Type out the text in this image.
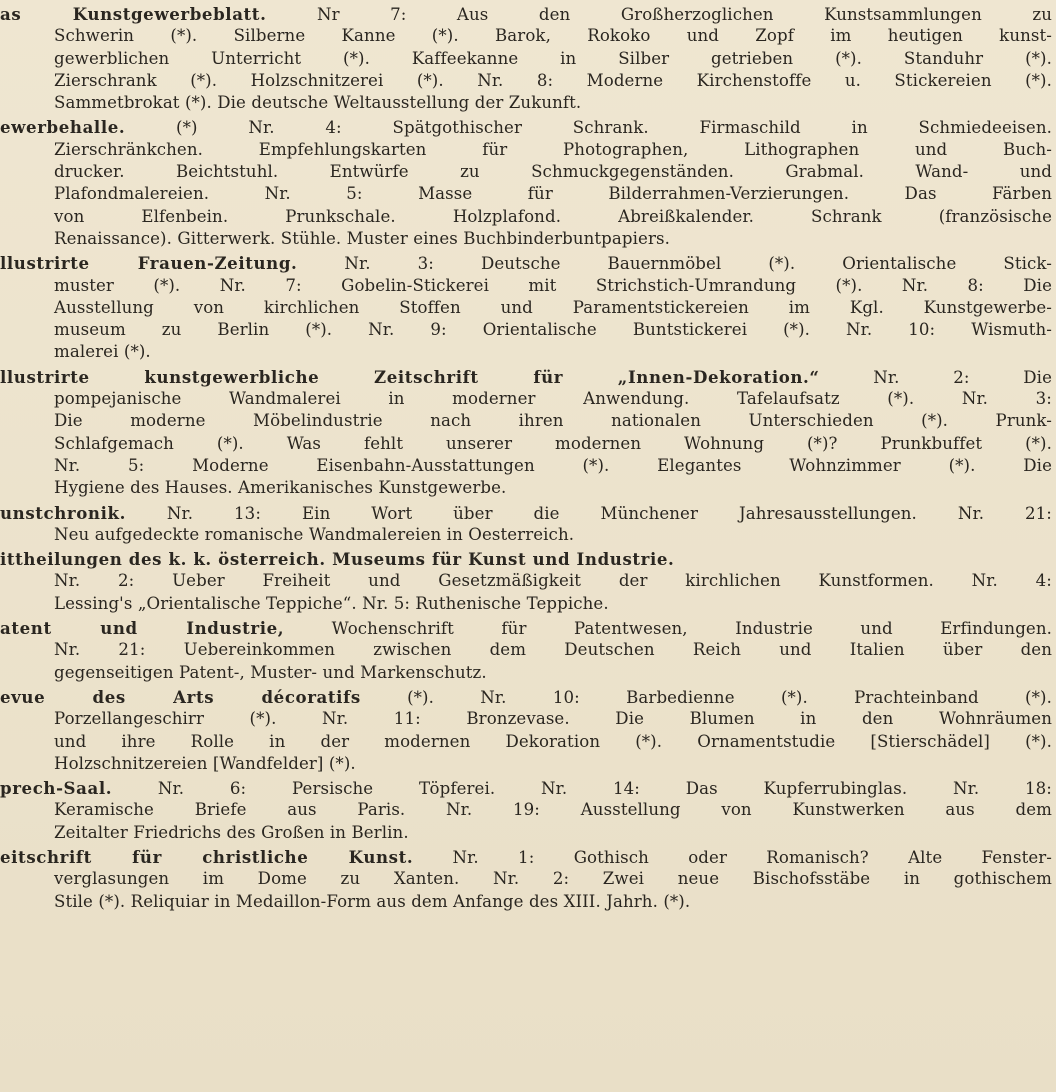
as Kunstgewerbeblatt. Nr 7: Aus den Großherzoglichen Kunstsammlungen zu
Schwerin (*). Silberne Kanne (*). Barok, Rokoko und Zopf im heutigen kunst-
gewerblichen Unterricht (*). Kaffeekanne in Silber getrieben (*). Standuhr (*).
Zierschrank (*). Holzschnitzerei (*). Nr. 8: Moderne Kirchenstoffe u. Stickereien (*).
Sammetbrokat (*). Die deutsche Weltausstellung der Zukunft.
ewerbehalle. (*) Nr. 4: Spätgothischer Schrank. Firmaschild in Schmiedeeisen.
Zierschränkchen. Empfehlungskarten für Photographen, Lithographen und Buch-
drucker. Beichtstuhl. Entwürfe zu Schmuckgegenständen. Grabmal. Wand- und
Plafondmalereien. Nr. 5: Masse für Bilderrahmen-Verzierungen. Das Färben
von Elfenbein. Prunkschale. Holzplafond. Abreißkalender. Schrank (französische
Renaissance). Gitterwerk. Stühle. Muster eines Buchbinderbuntpapiers.
llustrirte Frauen-Zeitung. Nr. 3: Deutsche Bauernmöbel (*). Orientalische Stick-
muster (*). Nr. 7: Gobelin-Stickerei mit Strichstich-Umrandung (*). Nr. 8: Die
Ausstellung von kirchlichen Stoffen und Paramentstickereien im Kgl. Kunstgewerbe-
museum zu Berlin (*). Nr. 9: Orientalische Buntstickerei (*). Nr. 10: Wismuth-
malerei (*).
llustrirte kunstgewerbliche Zeitschrift für „Innen-Dekoration.“ Nr. 2: Die
pompejanische Wandmalerei in moderner Anwendung. Tafelaufsatz (*). Nr. 3:
Die moderne Möbelindustrie nach ihren nationalen Unterschieden (*). Prunk-
Schlafgemach (*). Was fehlt unserer modernen Wohnung (*)? Prunkbuffet (*).
Nr. 5: Moderne Eisenbahn-Ausstattungen (*). Elegantes Wohnzimmer (*). Die
Hygiene des Hauses. Amerikanisches Kunstgewerbe.
unstchronik. Nr. 13: Ein Wort über die Münchener Jahresausstellungen. Nr. 21:
Neu aufgedeckte romanische Wandmalereien in Oesterreich.
ittheilungen des k. k. österreich. Museums für Kunst und Industrie.
Nr. 2: Ueber Freiheit und Gesetzmäßigkeit der kirchlichen Kunstformen. Nr. 4:
Lessing's „Orientalische Teppiche“. Nr. 5: Ruthenische Teppiche.
atent und Industrie, Wochenschrift für Patentwesen, Industrie und Erfindungen.
Nr. 21: Uebereinkommen zwischen dem Deutschen Reich und Italien über den
gegenseitigen Patent-, Muster- und Markenschutz.
evue des Arts décoratifs (*). Nr. 10: Barbedienne (*). Prachteinband (*).
Porzellangeschirr (*). Nr. 11: Bronzevase. Die Blumen in den Wohnräumen
und ihre Rolle in der modernen Dekoration (*). Ornamentstudie [Stierschädel] (*).
Holzschnitzereien [Wandfelder] (*).
prech-Saal. Nr. 6: Persische Töpferei. Nr. 14: Das Kupferrubinglas. Nr. 18:
Keramische Briefe aus Paris. Nr. 19: Ausstellung von Kunstwerken aus dem
Zeitalter Friedrichs des Großen in Berlin.
eitschrift für christliche Kunst. Nr. 1: Gothisch oder Romanisch? Alte Fenster-
verglasungen im Dome zu Xanten. Nr. 2: Zwei neue Bischofsstäbe in gothischem
Stile (*). Reliquiar in Medaillon-Form aus dem Anfange des XIII. Jahrh. (*).
